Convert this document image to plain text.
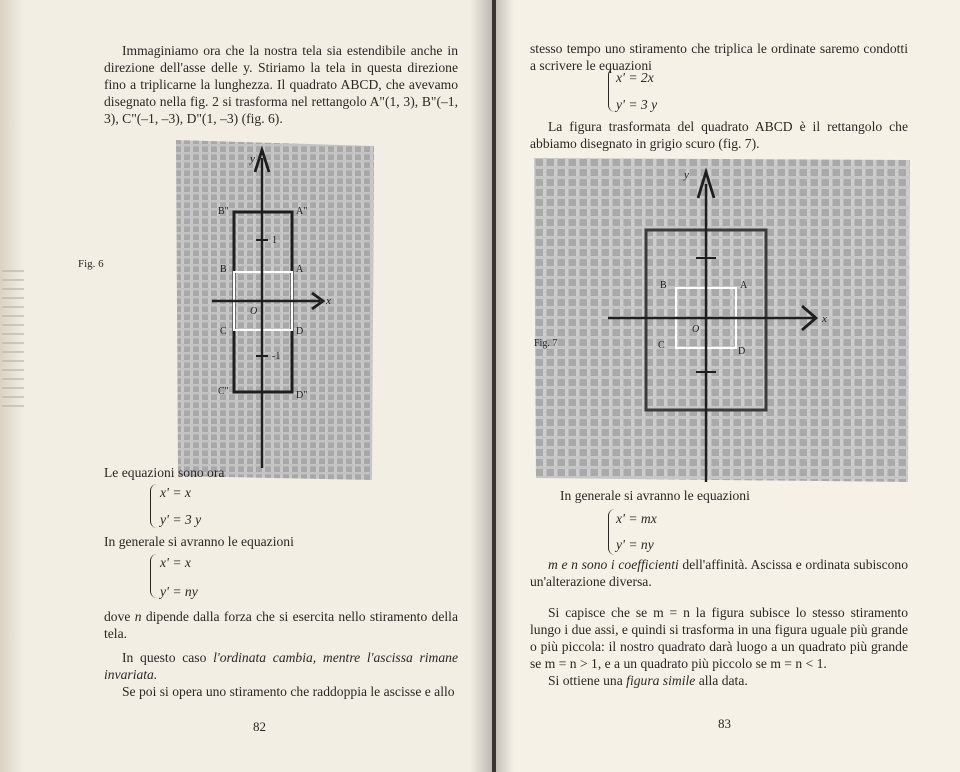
Immaginiamo ora che la nostra tela sia estendibile anche in direzione dell'asse delle y. Stiriamo la tela in questa direzione fino a triplicarne la lunghezza. Il quadrato ABCD, che avevamo disegnato nella fig. 2 si trasforma nel rettangolo A"(1, 3), B"(–1, 3), C"(–1, –3), D"(1, –3) (fig. 6).

Fig. 6
y
x
O
A"
B"
C"	D"
A
B
C	D
1
-1

Le equazioni sono ora

x' = x
y' = 3 y

In generale si avranno le equazioni

x' = x
y' = ny

dove n dipende dalla forza che si esercita nello stiramento della tela.

In questo caso l'ordinata cambia, mentre l'ascissa rimane invariata.

Se poi si opera uno stiramento che raddoppia le ascisse e allo

82

stesso tempo uno stiramento che triplica le ordinate saremo condotti a scrivere le equazioni

x' = 2x
y' = 3 y

La figura trasformata del quadrato ABCD è il rettangolo che abbiamo disegnato in grigio scuro (fig. 7).

y
x
O
A
B
C
D
Fig. 7

In generale si avranno le equazioni

x' = mx
y' = ny

m e n sono i coefficienti dell'affinità. Ascissa e ordinata subiscono un'alterazione diversa.

Si capisce che se m = n la figura subisce lo stesso stiramento lungo i due assi, e quindi si trasforma in una figura uguale più grande o più piccola: il nostro quadrato darà luogo a un quadrato più grande se m = n > 1, e a un quadrato più piccolo se m = n < 1.

Si ottiene una figura simile alla data.

83
